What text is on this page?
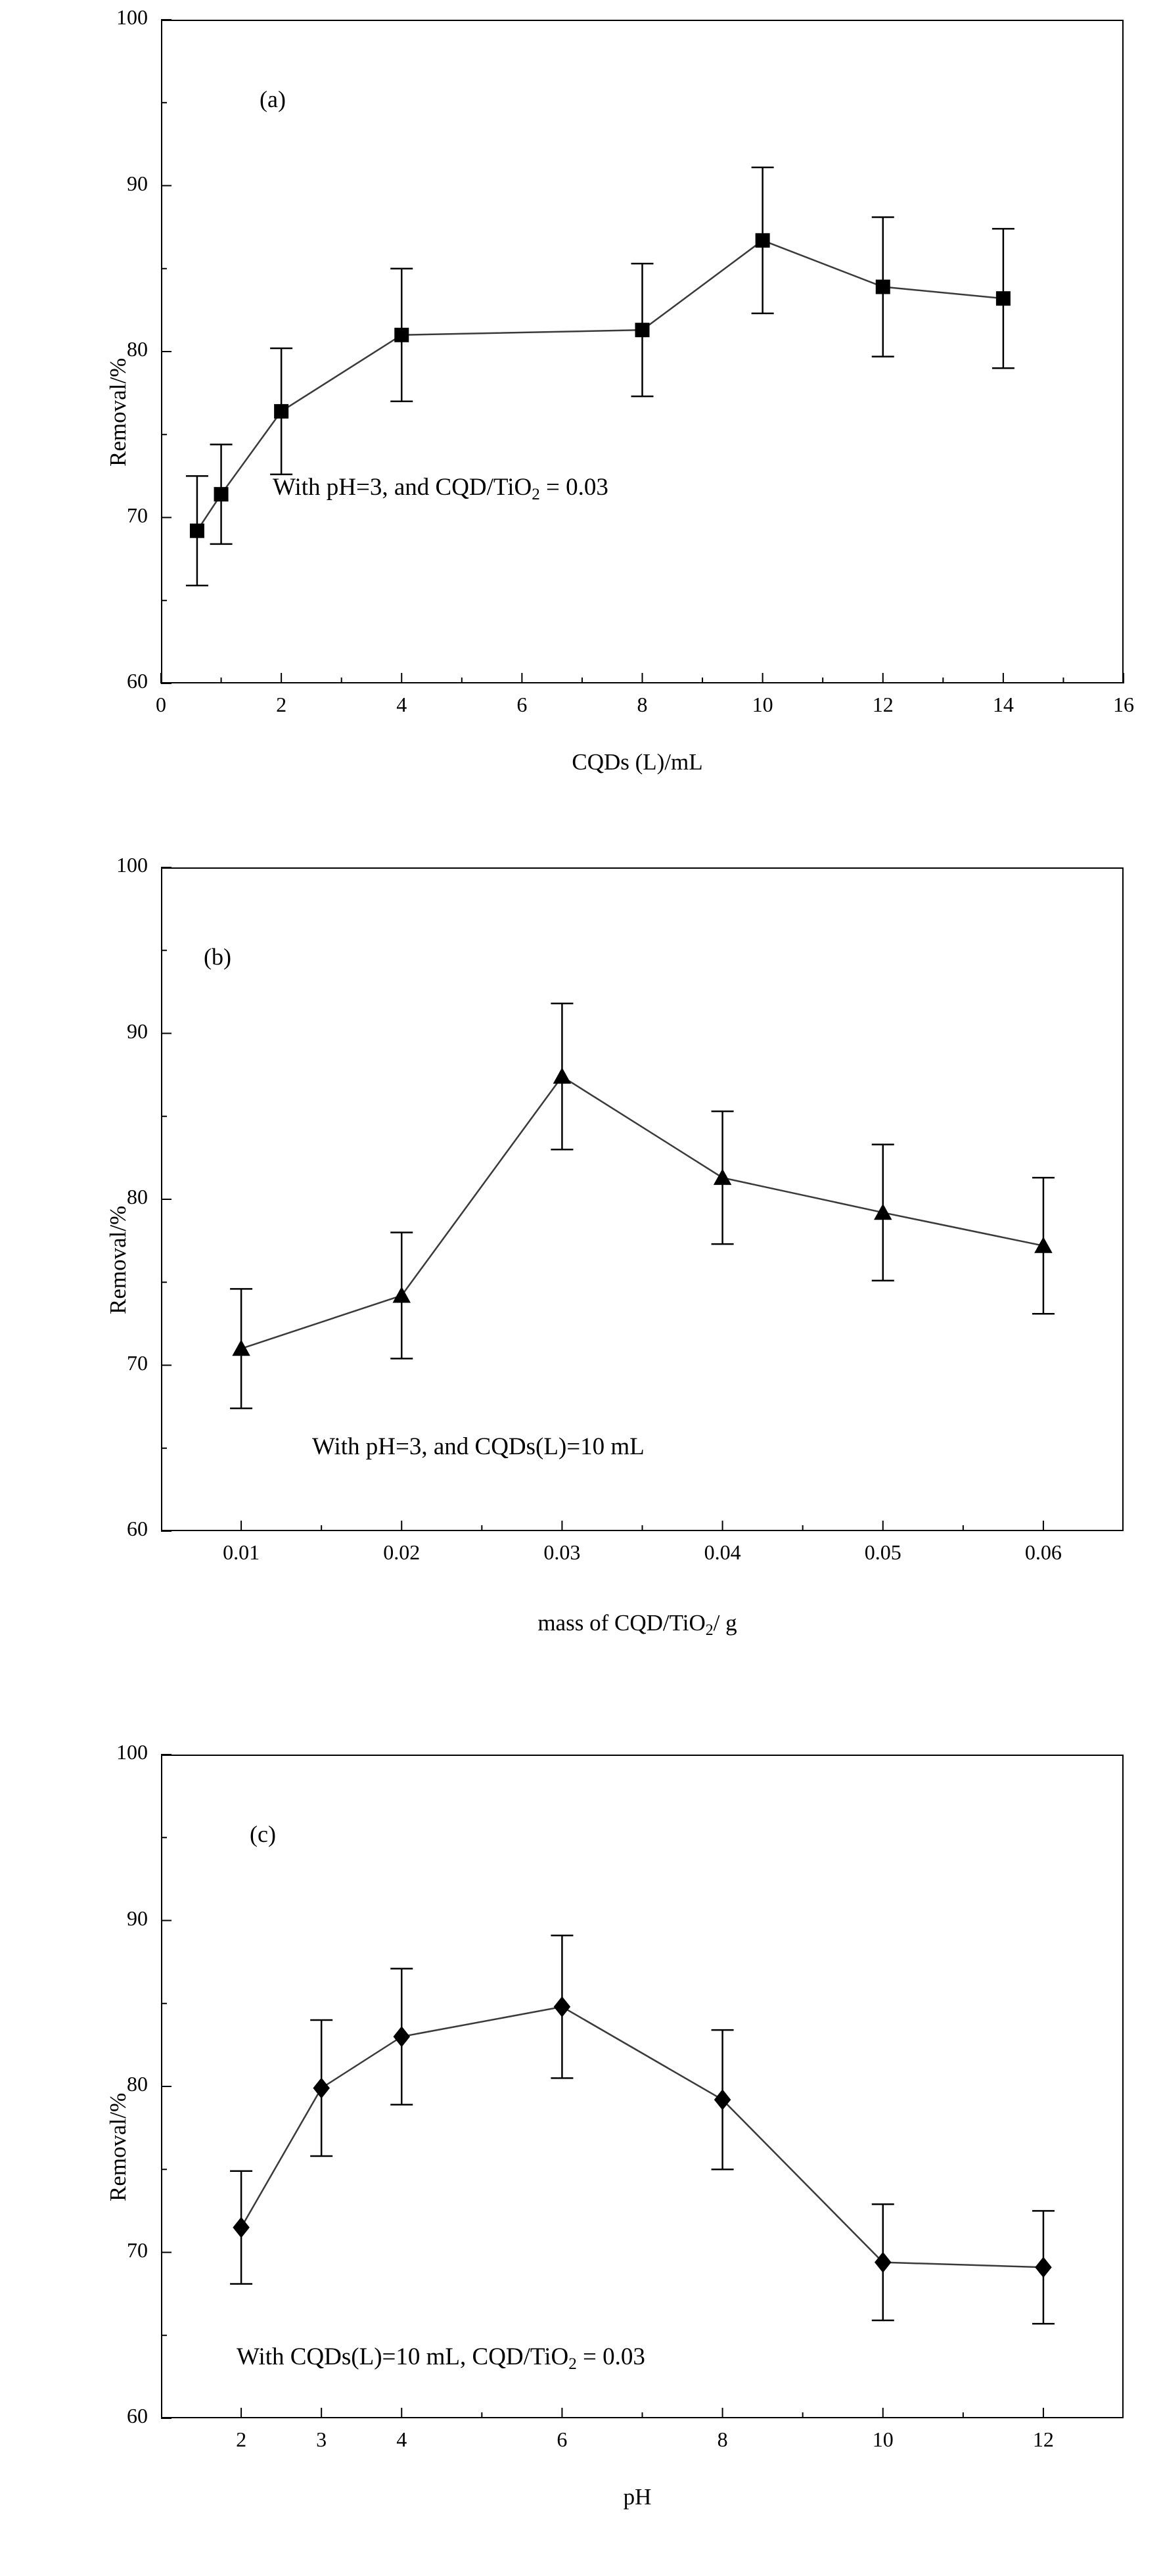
(a)
With pH=3, and CQD/TiO$_2$ = 0.03
Removal/%
CQDs (L)/mL
60
70
80
90
100
0	2	4	6	8	10	12	14	16
(b)
With pH=3, and CQDs(L)=10 mL
Removal/%
mass of CQD/TiO$_2$/ g
60
70
80
90
100
0.01	0.02	0.03	0.04	0.05	0.06
(c)
With CQDs(L)=10 mL, CQD/TiO$_2$ = 0.03
Removal/%
pH
60
70
80
90
100
2	3	4	6	8	10	12
